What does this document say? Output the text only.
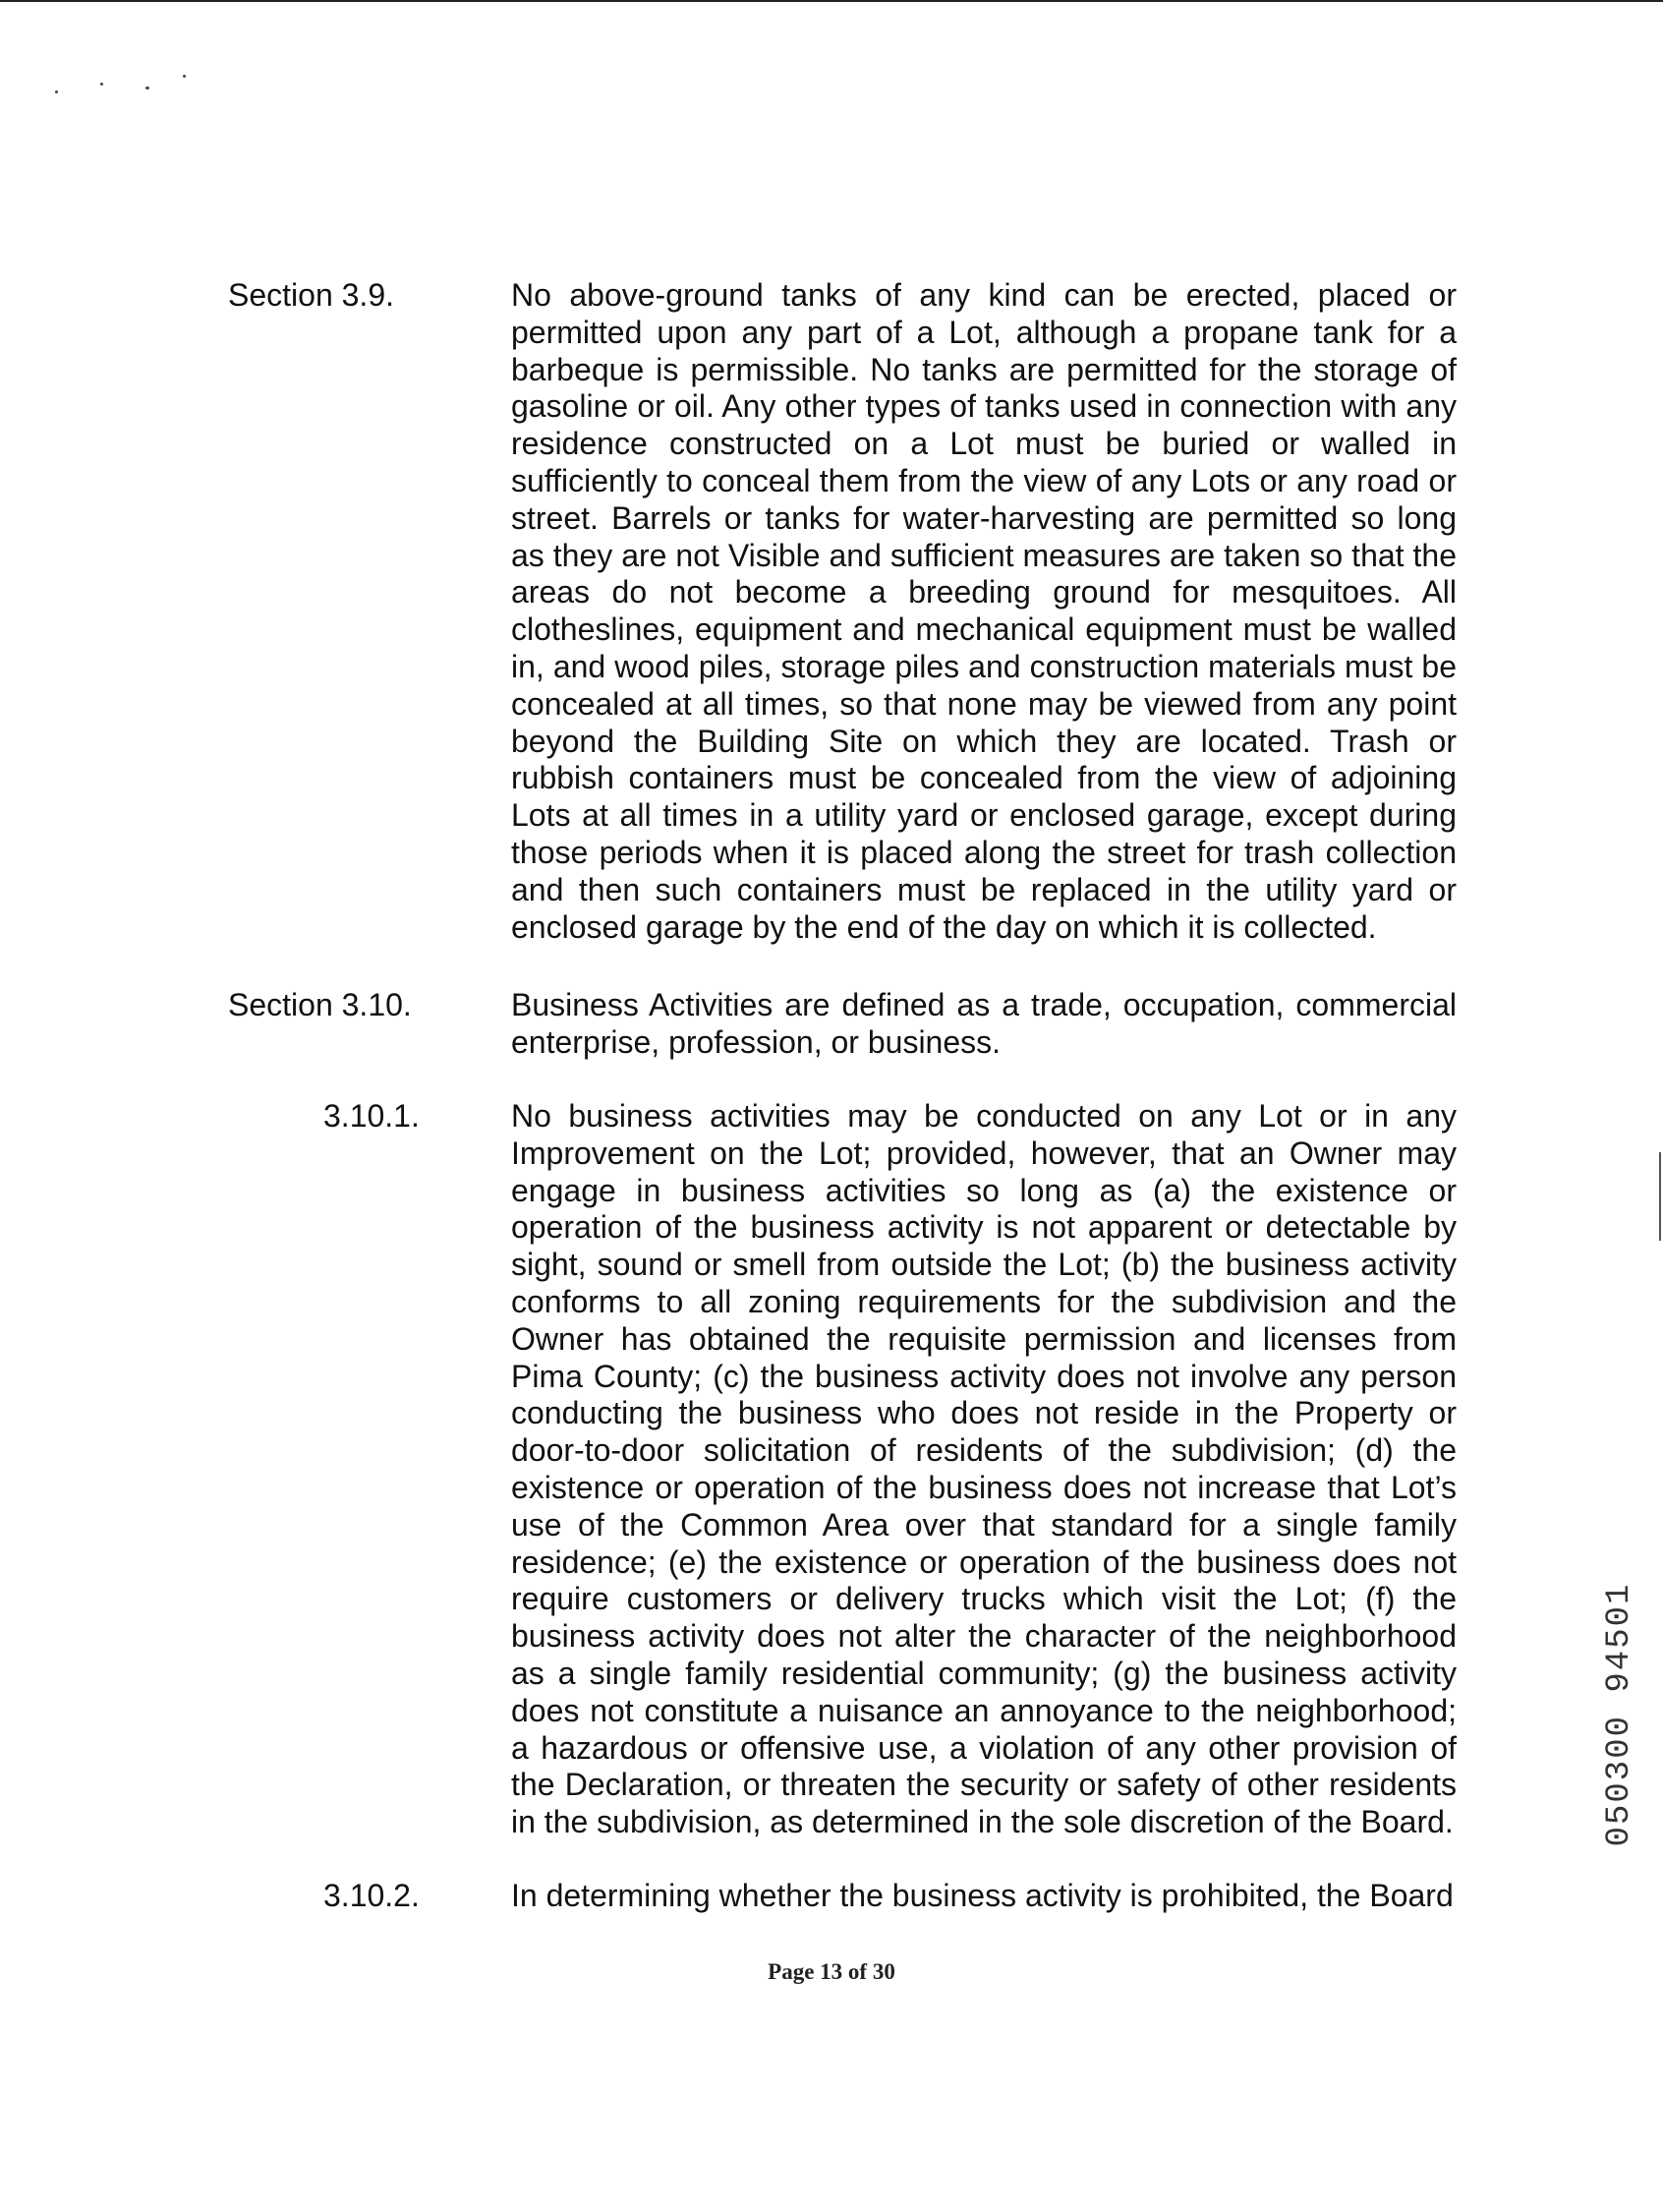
Section 3.9.	No above-ground tanks of any kind can be erected, placed or permitted upon any part of a Lot, although a propane tank for a barbeque is permissible. No tanks are permitted for the storage of gasoline or oil. Any other types of tanks used in connection with any residence constructed on a Lot must be buried or walled in sufficiently to conceal them from the view of any Lots or any road or street. Barrels or tanks for water-harvesting are permitted so long as they are not Visible and sufficient measures are taken so that the areas do not become a breeding ground for mesquitoes. All clotheslines, equipment and mechanical equipment must be walled in, and wood piles, storage piles and construction materials must be concealed at all times, so that none may be viewed from any point beyond the Building Site on which they are located. Trash or rubbish containers must be concealed from the view of adjoining Lots at all times in a utility yard or enclosed garage, except during those periods when it is placed along the street for trash collection and then such containers must be replaced in the utility yard or enclosed garage by the end of the day on which it is collected.

Section 3.10.	Business Activities are defined as a trade, occupation, commercial enterprise, profession, or business.

3.10.1.	No business activities may be conducted on any Lot or in any Improvement on the Lot; provided, however, that an Owner may engage in business activities so long as (a) the existence or operation of the business activity is not apparent or detectable by sight, sound or smell from outside the Lot; (b) the business activity conforms to all zoning requirements for the subdivision and the Owner has obtained the requisite permission and licenses from Pima County; (c) the business activity does not involve any person conducting the business who does not reside in the Property or door-to-door solicitation of residents of the subdivision; (d) the existence or operation of the business does not increase that Lot’s use of the Common Area over that standard for a single family residence; (e) the existence or operation of the business does not require customers or delivery trucks which visit the Lot; (f) the business activity does not alter the character of the neighborhood as a single family residential community; (g) the business activity does not constitute a nuisance an annoyance to the neighborhood; a hazardous or offensive use, a violation of any other provision of the Declaration, or threaten the security or safety of other residents in the subdivision, as determined in the sole discretion of the Board.

3.10.2.	In determining whether the business activity is prohibited, the Board

Page 13 of 30
050300 94501
